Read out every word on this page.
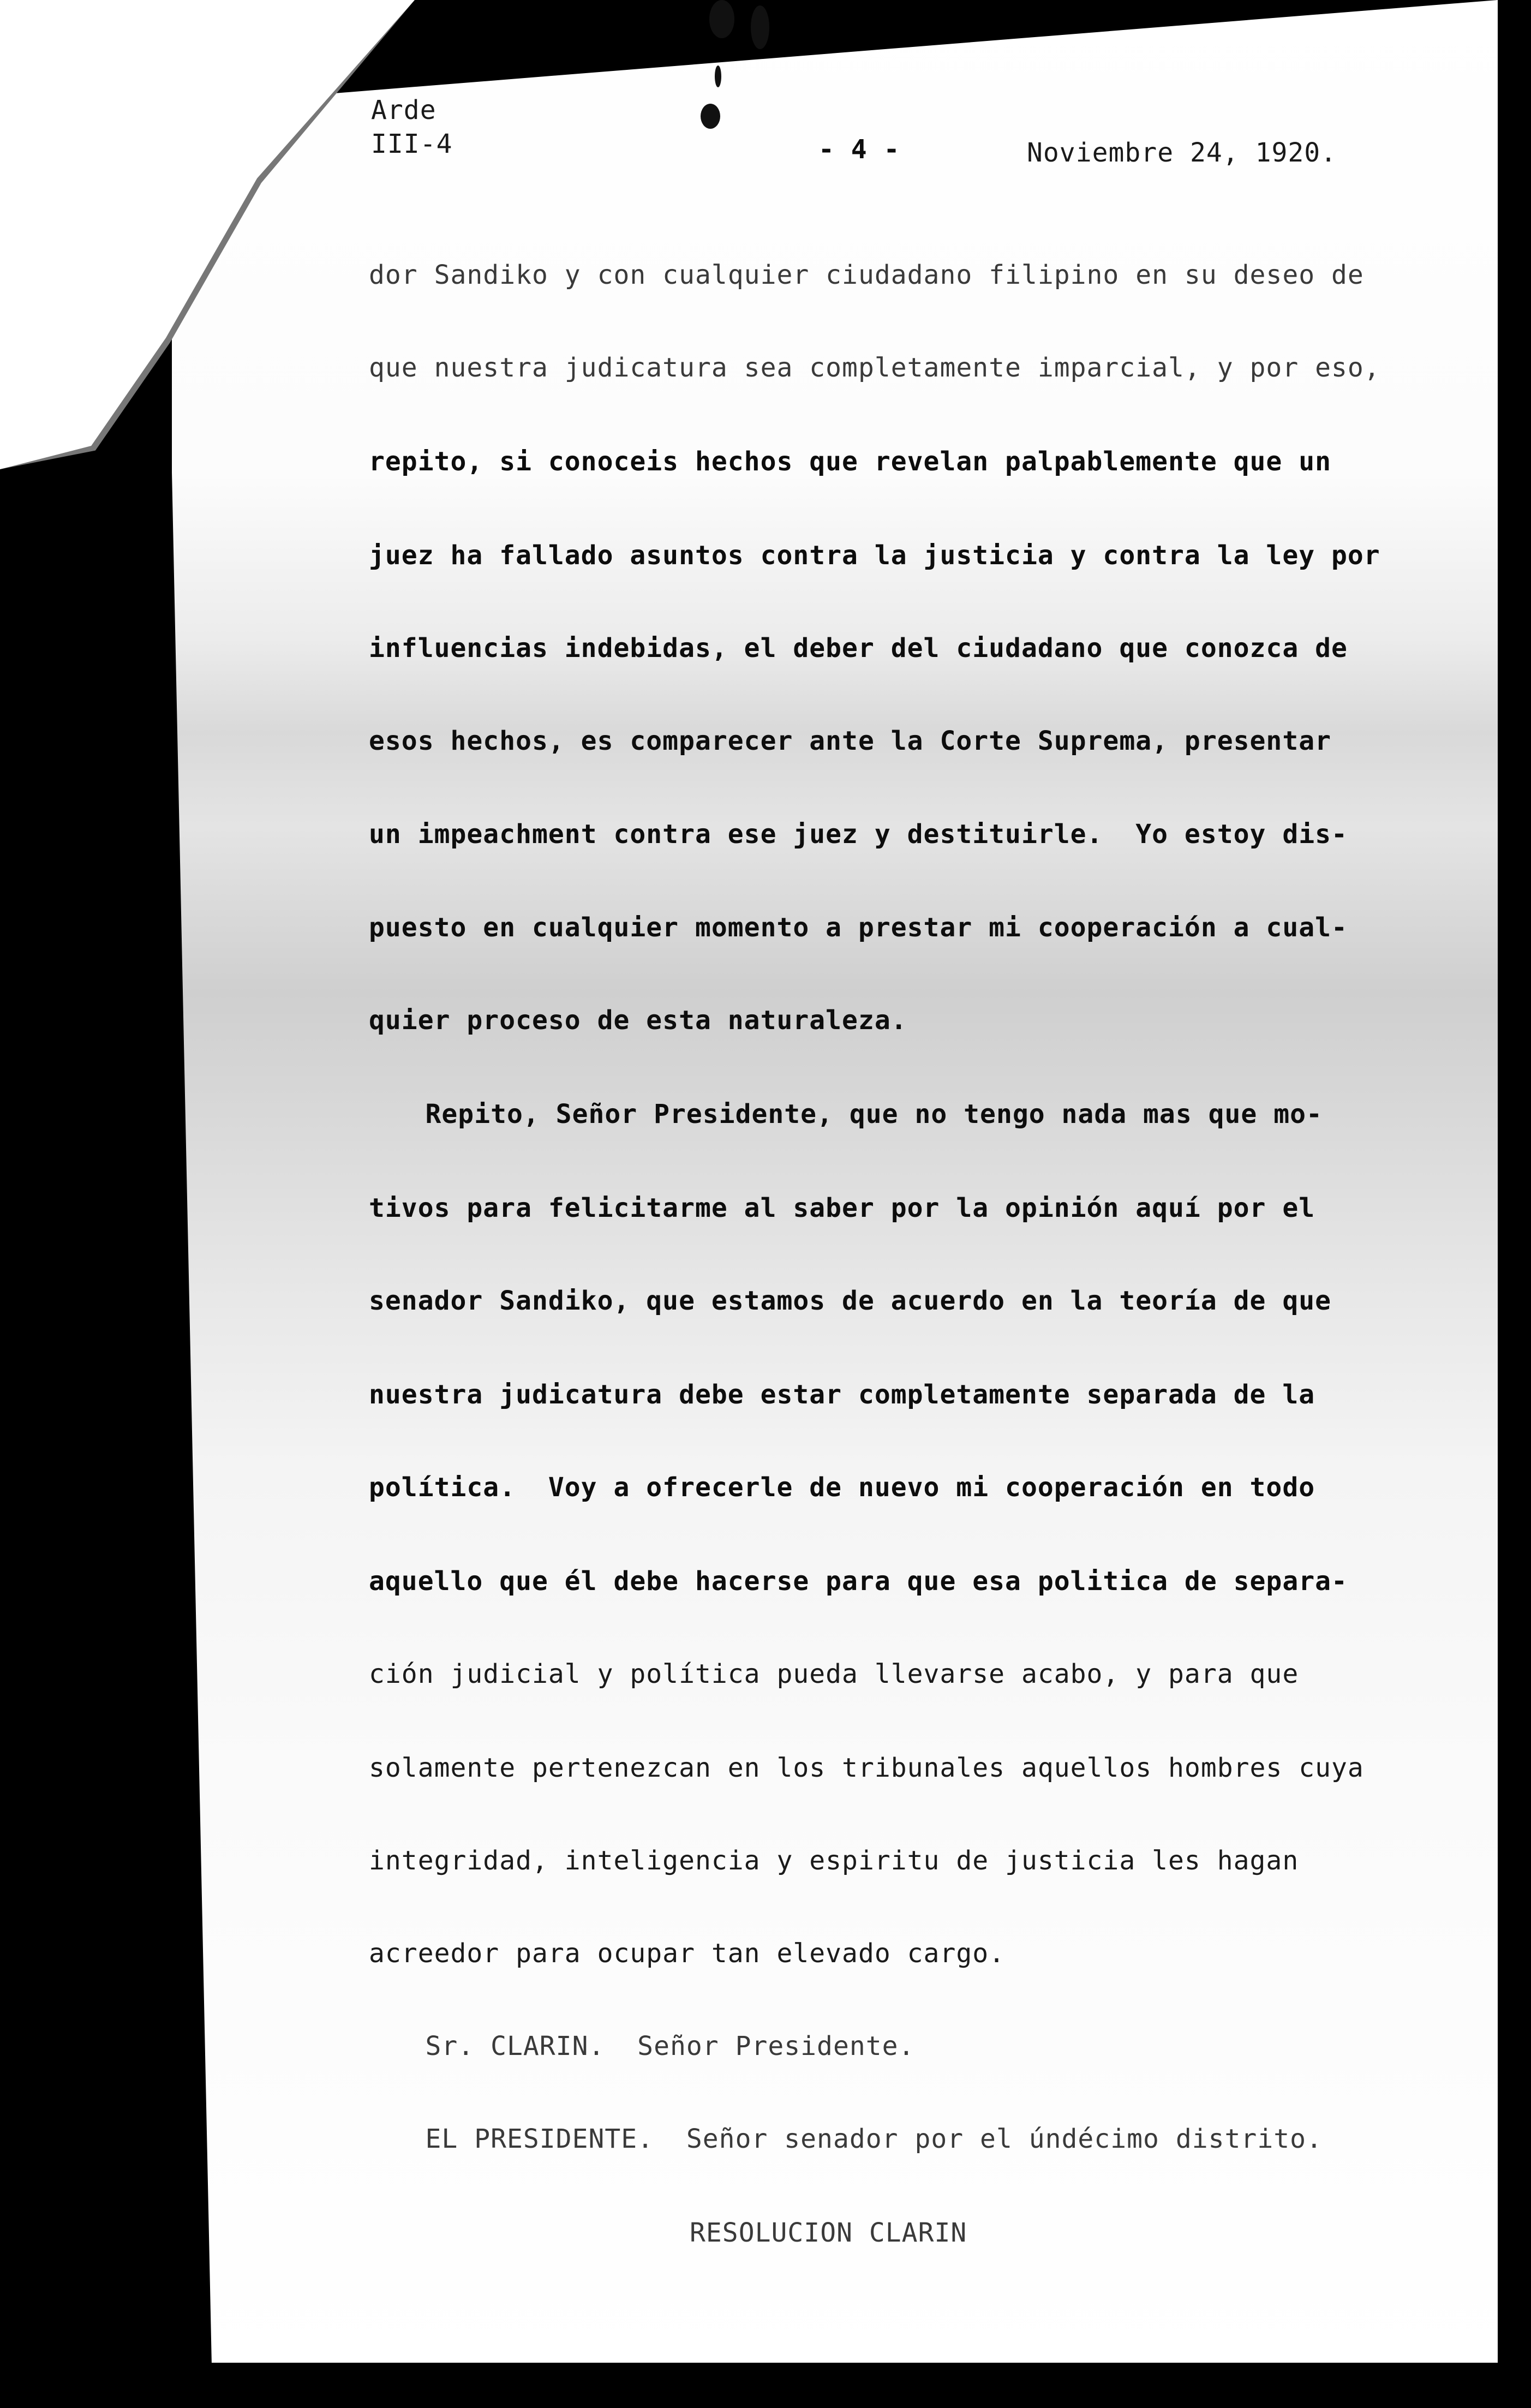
Arde
III-4	- 4 -	Noviembre 24, 1920.
dor Sandiko y con cualquier ciudadano filipino en su deseo de
que nuestra judicatura sea completamente imparcial, y por eso,
repito, si conoceis hechos que revelan palpablemente que un
juez ha fallado asuntos contra la justicia y contra la ley por
influencias indebidas, el deber del ciudadano que conozca de
esos hechos, es comparecer ante la Corte Suprema, presentar
un impeachment contra ese juez y destituirle.  Yo estoy dis-
puesto en cualquier momento a prestar mi cooperación a cual-
quier proceso de esta naturaleza.
Repito, Señor Presidente, que no tengo nada mas que mo-
tivos para felicitarme al saber por la opinión aquí por el
senador Sandiko, que estamos de acuerdo en la teoría de que
nuestra judicatura debe estar completamente separada de la
política.  Voy a ofrecerle de nuevo mi cooperación en todo
aquello que él debe hacerse para que esa politica de separa-
ción judicial y política pueda llevarse acabo, y para que
solamente pertenezcan en los tribunales aquellos hombres cuya
integridad, inteligencia y espiritu de justicia les hagan
acreedor para ocupar tan elevado cargo.
Sr. CLARIN.  Señor Presidente.
EL PRESIDENTE.  Señor senador por el úndécimo distrito.
RESOLUCION CLARIN
